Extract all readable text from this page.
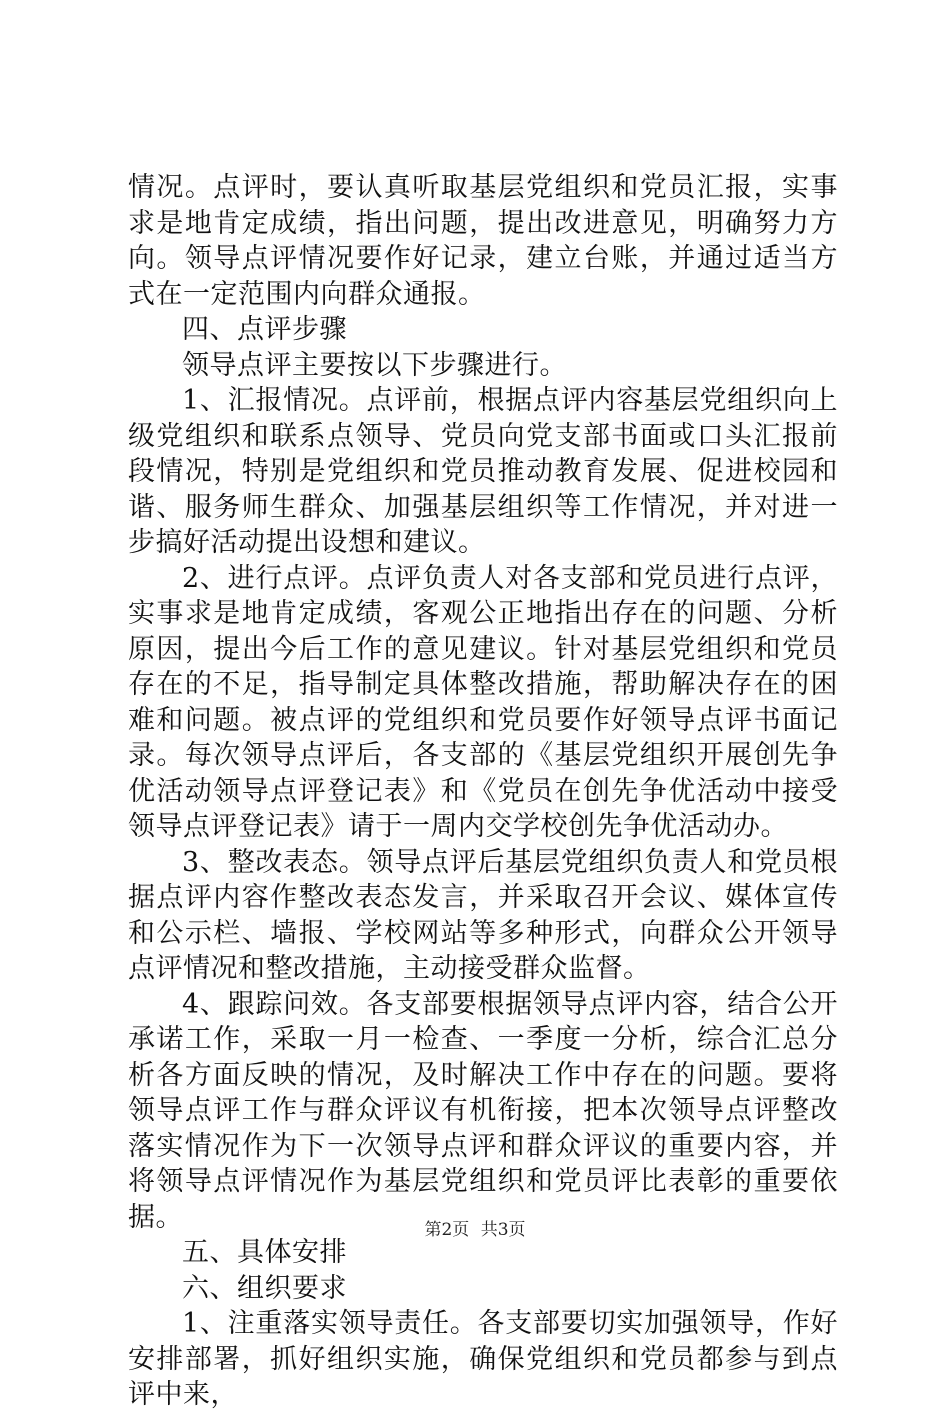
情况。点评时，要认真听取基层党组织和党员汇报，实事求是地肯定成绩，指出问题，提出改进意见，明确努力方向。领导点评情况要作好记录，建立台账，并通过适当方式在一定范围内向群众通报。

四、点评步骤

领导点评主要按以下步骤进行。

1、汇报情况。点评前，根据点评内容基层党组织向上级党组织和联系点领导、党员向党支部书面或口头汇报前段情况，特别是党组织和党员推动教育发展、促进校园和谐、服务师生群众、加强基层组织等工作情况，并对进一步搞好活动提出设想和建议。

2、进行点评。点评负责人对各支部和党员进行点评，实事求是地肯定成绩，客观公正地指出存在的问题、分析原因，提出今后工作的意见建议。针对基层党组织和党员存在的不足，指导制定具体整改措施，帮助解决存在的困难和问题。被点评的党组织和党员要作好领导点评书面记录。每次领导点评后，各支部的《基层党组织开展创先争优活动领导点评登记表》和《党员在创先争优活动中接受领导点评登记表》请于一周内交学校创先争优活动办。

3、整改表态。领导点评后基层党组织负责人和党员根据点评内容作整改表态发言，并采取召开会议、媒体宣传和公示栏、墙报、学校网站等多种形式，向群众公开领导点评情况和整改措施，主动接受群众监督。

4、跟踪问效。各支部要根据领导点评内容，结合公开承诺工作，采取一月一检查、一季度一分析，综合汇总分析各方面反映的情况，及时解决工作中存在的问题。要将领导点评工作与群众评议有机衔接，把本次领导点评整改落实情况作为下一次领导点评和群众评议的重要内容，并将领导点评情况作为基层党组织和党员评比表彰的重要依据。

五、具体安排

六、组织要求

1、注重落实领导责任。各支部要切实加强领导，作好安排部署，抓好组织实施，确保党组织和党员都参与到点评中来，

第2页 共3页
